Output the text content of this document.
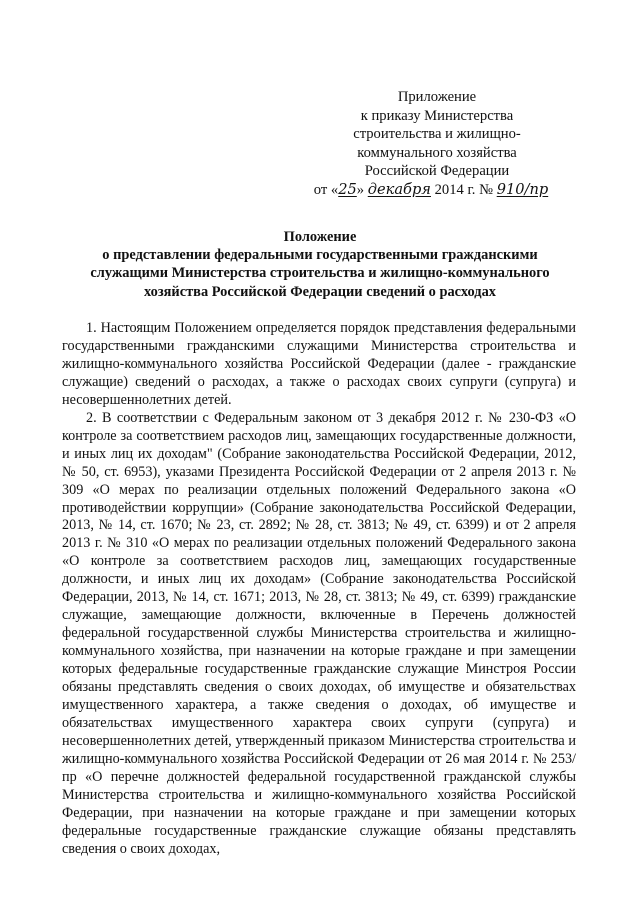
Приложение
к приказу Министерства
строительства и жилищно-
коммунального хозяйства
Российской Федерации
от «25» декабря 2014 г. № 910/пр
Положение
о представлении федеральными государственными гражданскими
служащими Министерства строительства и жилищно-коммунального
хозяйства Российской Федерации сведений о расходах

1. Настоящим Положением определяется порядок представления федеральными государственными гражданскими служащими Министерства строительства и жилищно-коммунального хозяйства Российской Федерации (далее - гражданские служащие) сведений о расходах, а также о расходах своих супруги (супруга) и несовершеннолетних детей.

2. В соответствии с Федеральным законом от 3 декабря 2012 г. № 230-ФЗ «О контроле за соответствием расходов лиц, замещающих государственные должности, и иных лиц их доходам" (Собрание законодательства Российской Федерации, 2012, № 50, ст. 6953), указами Президента Российской Федерации от 2 апреля 2013 г. № 309 «О мерах по реализации отдельных положений Федерального закона «О противодействии коррупции» (Собрание законодательства Российской Федерации, 2013, № 14, ст. 1670; № 23, ст. 2892; № 28, ст. 3813; № 49, ст. 6399) и от 2 апреля 2013 г. № 310 «О мерах по реализации отдельных положений Федерального закона «О контроле за соответствием расходов лиц, замещающих государственные должности, и иных лиц их доходам» (Собрание законодательства Российской Федерации, 2013, № 14, ст. 1671; 2013, № 28, ст. 3813; № 49, ст. 6399) гражданские служащие, замещающие должности, включенные в Перечень должностей федеральной государственной службы Министерства строительства и жилищно-коммунального хозяйства, при назначении на которые граждане и при замещении которых федеральные государственные гражданские служащие Минстроя России обязаны представлять сведения о своих доходах, об имуществе и обязательствах имущественного характера, а также сведения о доходах, об имуществе и обязательствах имущественного характера своих супруги (супруга) и несовершеннолетних детей, утвержденный приказом Министерства строительства и жилищно-коммунального хозяйства Российской Федерации от 26 мая 2014 г. № 253/пр «О перечне должностей федеральной государственной гражданской службы Министерства строительства и жилищно-коммунального хозяйства Российской Федерации, при назначении на которые граждане и при замещении которых федеральные государственные гражданские служащие обязаны представлять сведения о своих доходах,
